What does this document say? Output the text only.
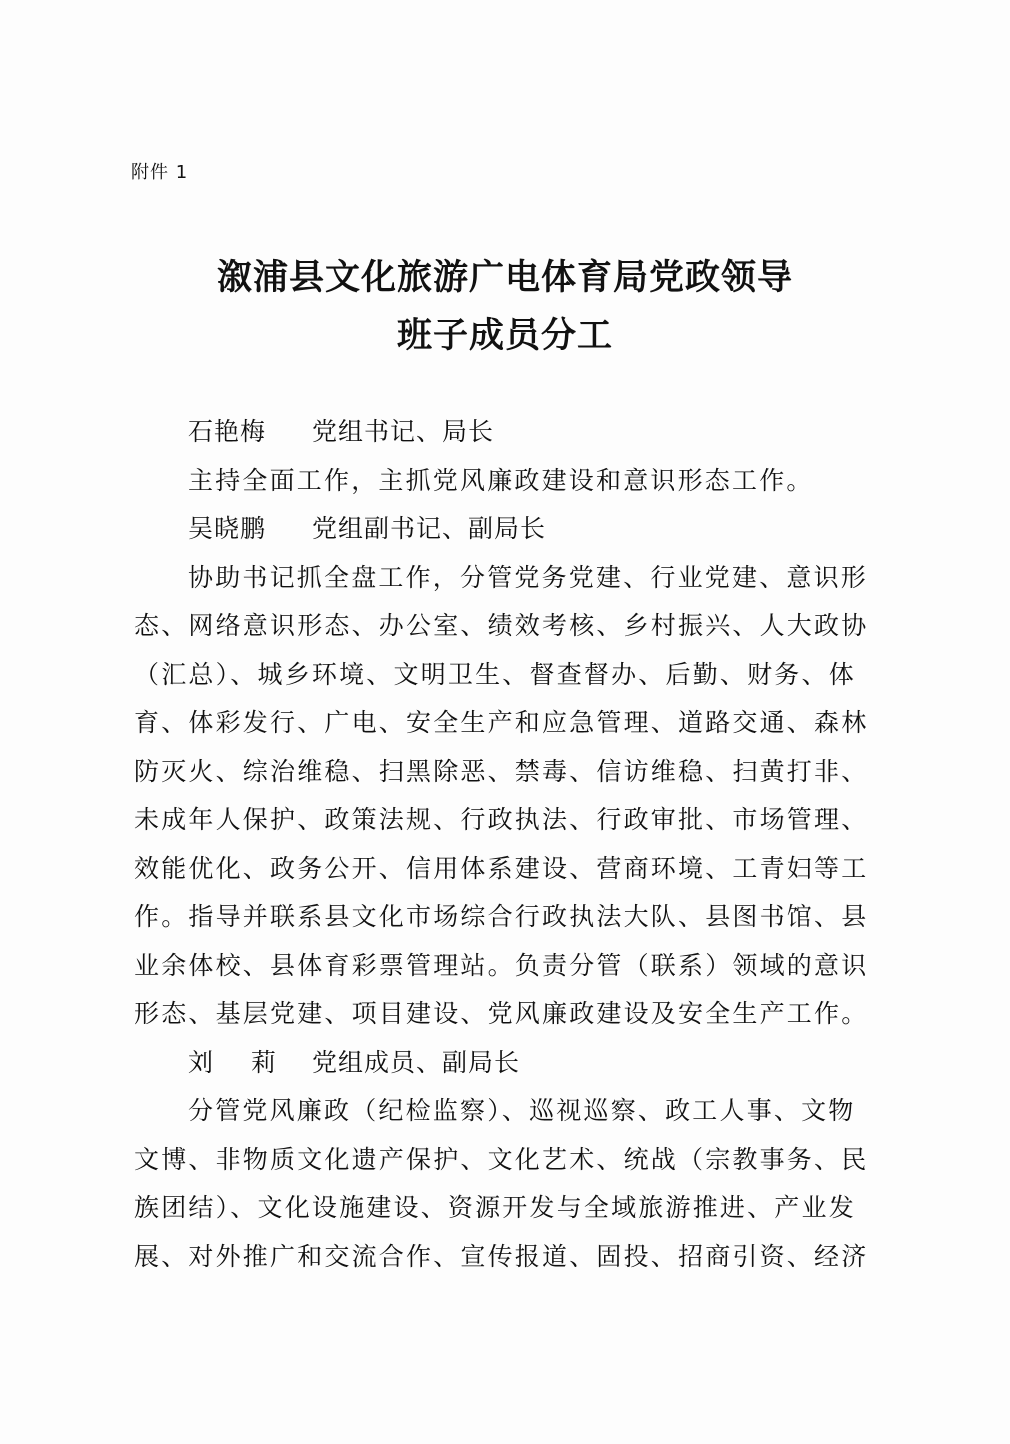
附件 1
溆浦县文化旅游广电体育局党政领导
班子成员分工
石艳梅 党组书记、局长
主持全面工作，主抓党风廉政建设和意识形态工作。
吴晓鹏 党组副书记、副局长
协助书记抓全盘工作，分管党务党建、行业党建、意识形
态、网络意识形态、办公室、绩效考核、乡村振兴、人大政协
（汇总）、城乡环境、文明卫生、督查督办、后勤、财务、体
育、体彩发行、广电、安全生产和应急管理、道路交通、森林
防灭火、综治维稳、扫黑除恶、禁毒、信访维稳、扫黄打非、
未成年人保护、政策法规、行政执法、行政审批、市场管理、
效能优化、政务公开、信用体系建设、营商环境、工青妇等工
作。指导并联系县文化市场综合行政执法大队、县图书馆、县
业余体校、县体育彩票管理站。负责分管（联系）领域的意识
形态、基层党建、项目建设、党风廉政建设及安全生产工作。
刘 莉 党组成员、副局长
分管党风廉政（纪检监察）、巡视巡察、政工人事、文物
文博、非物质文化遗产保护、文化艺术、统战（宗教事务、民
族团结）、文化设施建设、资源开发与全域旅游推进、产业发
展、对外推广和交流合作、宣传报道、固投、招商引资、经济
